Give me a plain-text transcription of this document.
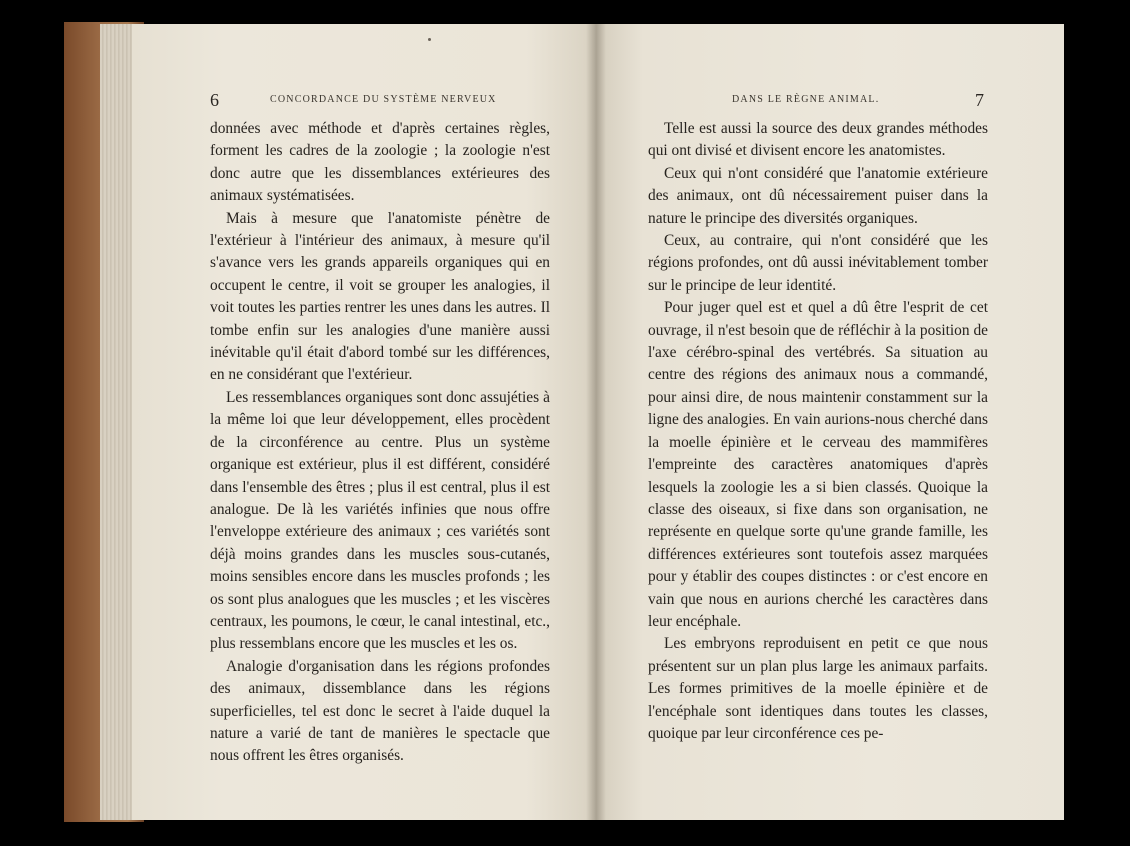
6	CONCORDANCE DU SYSTÈME NERVEUX

données avec méthode et d'après certaines règles, forment les cadres de la zoologie ; la zoologie n'est donc autre que les dissemblances extérieures des animaux systématisées.

Mais à mesure que l'anatomiste pénètre de l'extérieur à l'intérieur des animaux, à mesure qu'il s'avance vers les grands appareils organiques qui en occupent le centre, il voit se grouper les analogies, il voit toutes les parties rentrer les unes dans les autres. Il tombe enfin sur les analogies d'une manière aussi inévitable qu'il était d'abord tombé sur les différences, en ne considérant que l'extérieur.

Les ressemblances organiques sont donc assujéties à la même loi que leur développement, elles procèdent de la circonférence au centre. Plus un système organique est extérieur, plus il est différent, considéré dans l'ensemble des êtres ; plus il est central, plus il est analogue. De là les variétés infinies que nous offre l'enveloppe extérieure des animaux ; ces variétés sont déjà moins grandes dans les muscles sous-cutanés, moins sensibles encore dans les muscles profonds ; les os sont plus analogues que les muscles ; et les viscères centraux, les poumons, le cœur, le canal intestinal, etc., plus ressemblans encore que les muscles et les os.

Analogie d'organisation dans les régions profondes des animaux, dissemblance dans les régions superficielles, tel est donc le secret à l'aide duquel la nature a varié de tant de manières le spectacle que nous offrent les êtres organisés.

DANS LE RÈGNE ANIMAL.	7

Telle est aussi la source des deux grandes méthodes qui ont divisé et divisent encore les anatomistes.

Ceux qui n'ont considéré que l'anatomie extérieure des animaux, ont dû nécessairement puiser dans la nature le principe des diversités organiques.

Ceux, au contraire, qui n'ont considéré que les régions profondes, ont dû aussi inévitablement tomber sur le principe de leur identité.

Pour juger quel est et quel a dû être l'esprit de cet ouvrage, il n'est besoin que de réfléchir à la position de l'axe cérébro-spinal des vertébrés. Sa situation au centre des régions des animaux nous a commandé, pour ainsi dire, de nous maintenir constamment sur la ligne des analogies. En vain aurions-nous cherché dans la moelle épinière et le cerveau des mammifères l'empreinte des caractères anatomiques d'après lesquels la zoologie les a si bien classés. Quoique la classe des oiseaux, si fixe dans son organisation, ne représente en quelque sorte qu'une grande famille, les différences extérieures sont toutefois assez marquées pour y établir des coupes distinctes : or c'est encore en vain que nous en aurions cherché les caractères dans leur encéphale.

Les embryons reproduisent en petit ce que nous présentent sur un plan plus large les animaux parfaits. Les formes primitives de la moelle épinière et de l'encéphale sont identiques dans toutes les classes, quoique par leur circonférence ces pe-
